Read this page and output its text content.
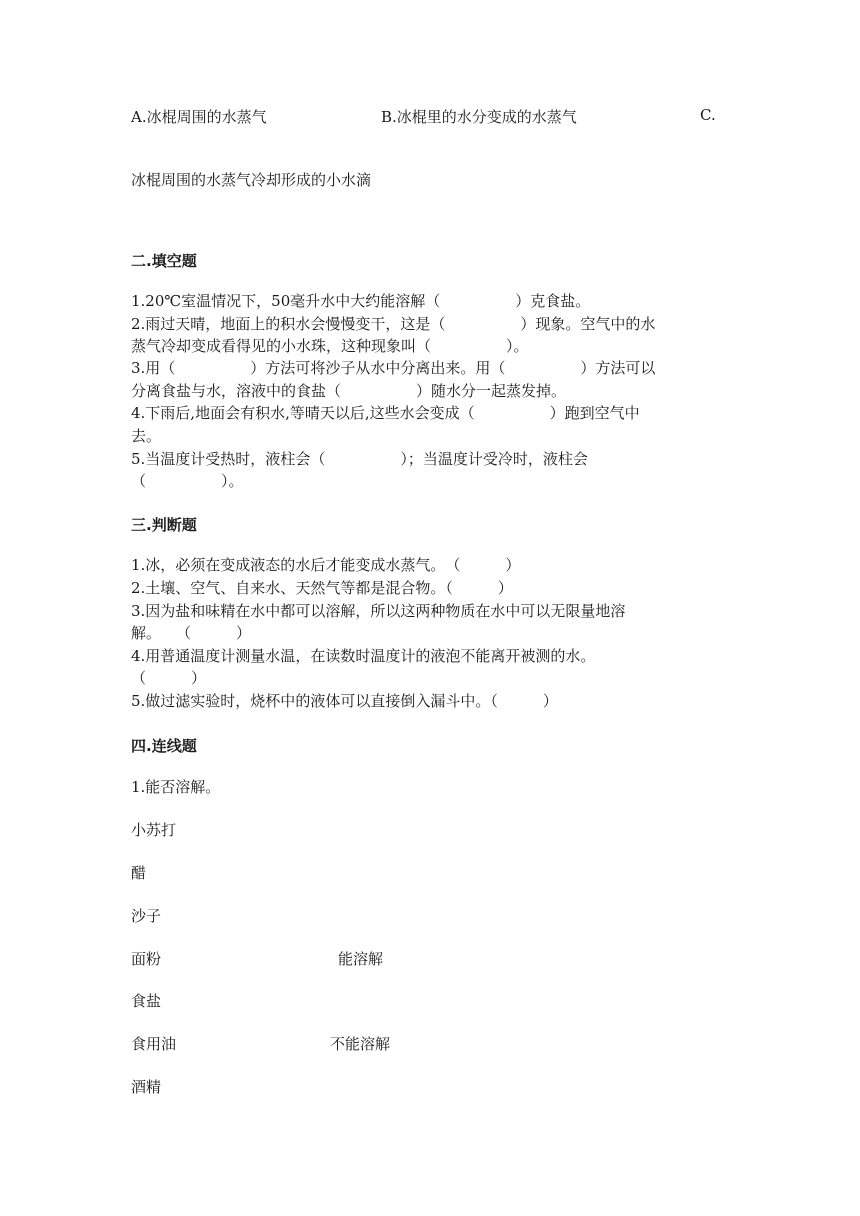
A.冰棍周围的水蒸气	B.冰棍里的水分变成的水蒸气	C.
冰棍周围的水蒸气冷却形成的小水滴
二.填空题
1.20℃室温情况下，50毫升水中大约能溶解（　　　　　）克食盐。
2.雨过天晴，地面上的积水会慢慢变干，这是（　　　　　）现象。空气中的水
蒸气冷却变成看得见的小水珠，这种现象叫（　　　　　）。
3.用（　　　　　）方法可将沙子从水中分离出来。用（　　　　　）方法可以
分离食盐与水，溶液中的食盐（　　　　　）随水分一起蒸发掉。
4.下雨后,地面会有积水,等晴天以后,这些水会变成（　　　　　）跑到空气中
去。
5.当温度计受热时，液柱会（　　　　　）；当温度计受冷时，液柱会
（　　　　　）。
三.判断题
1.冰，必须在变成液态的水后才能变成水蒸气。　（　　　）
2.土壤、空气、自来水、天然气等都是混合物。（　　　）
3.因为盐和味精在水中都可以溶解，所以这两种物质在水中可以无限量地溶
解。　　（　　　）
4.用普通温度计测量水温，在读数时温度计的液泡不能离开被测的水。
（　　　）
5.做过滤实验时，烧杯中的液体可以直接倒入漏斗中。（　　　）
四.连线题
1.能否溶解。
小苏打
醋
沙子
面粉
食盐
食用油
酒精
能溶解
不能溶解
